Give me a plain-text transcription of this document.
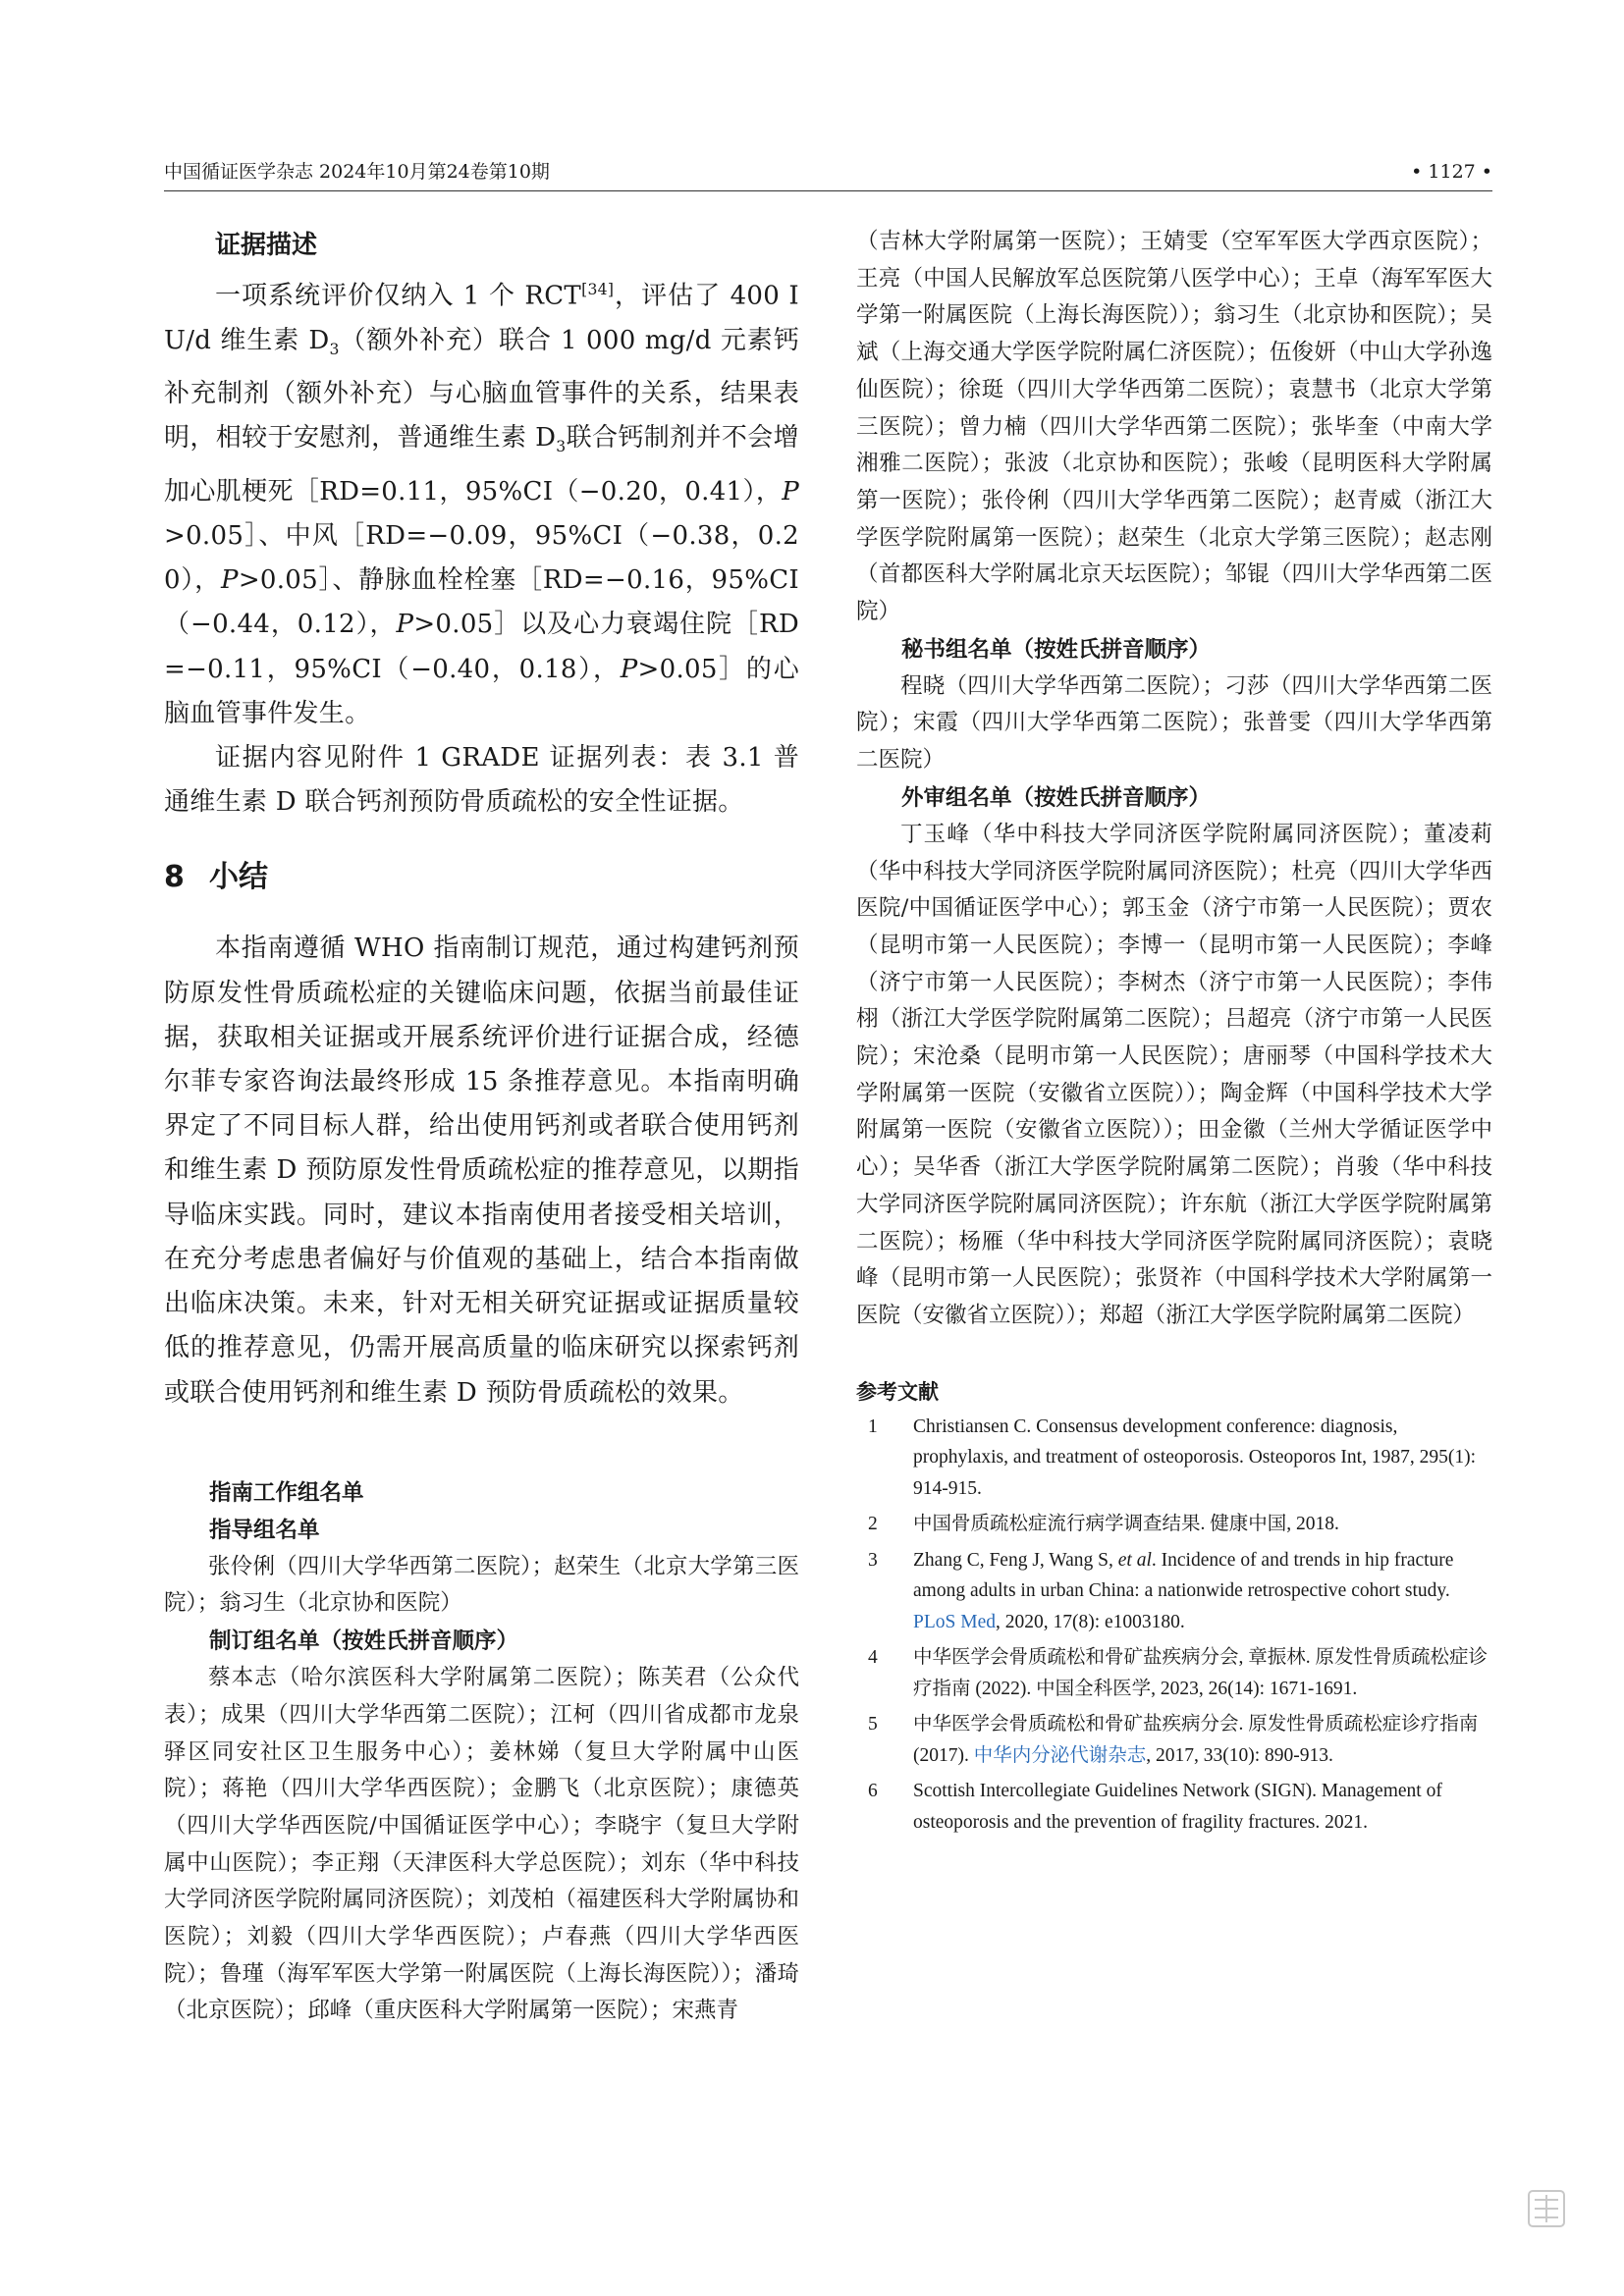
中国循证医学杂志 2024年10月第24卷第10期	• 1127 •
证据描述

一项系统评价仅纳入 1 个 RCT[34]，评估了 400 IU/d 维生素 $D_3$（额外补充）联合 1 000 mg/d 元素钙补充制剂（额外补充）与心脑血管事件的关系，结果表明，相较于安慰剂，普通维生素 $D_3$联合钙制剂并不会增加心肌梗死［RD=0.11，95%CI（−0.20，0.41），P>0.05］、中风［RD=−0.09，95%CI（−0.38，0.20），P>0.05］、静脉血栓栓塞［RD=−0.16，95%CI（−0.44，0.12），P>0.05］以及心力衰竭住院［RD=−0.11，95%CI（−0.40，0.18），P>0.05］的心脑血管事件发生。

证据内容见附件 1 GRADE 证据列表：表 3.1 普通维生素 D 联合钙剂预防骨质疏松的安全性证据。

8 小结

本指南遵循 WHO 指南制订规范，通过构建钙剂预防原发性骨质疏松症的关键临床问题，依据当前最佳证据，获取相关证据或开展系统评价进行证据合成，经德尔菲专家咨询法最终形成 15 条推荐意见。本指南明确界定了不同目标人群，给出使用钙剂或者联合使用钙剂和维生素 D 预防原发性骨质疏松症的推荐意见，以期指导临床实践。同时，建议本指南使用者接受相关培训，在充分考虑患者偏好与价值观的基础上，结合本指南做出临床决策。未来，针对无相关研究证据或证据质量较低的推荐意见，仍需开展高质量的临床研究以探索钙剂或联合使用钙剂和维生素 D 预防骨质疏松的效果。

指南工作组名单
指导组名单

张伶俐（四川大学华西第二医院）；赵荣生（北京大学第三医院）；翁习生（北京协和医院）

制订组名单（按姓氏拼音顺序）

蔡本志（哈尔滨医科大学附属第二医院）；陈芙君（公众代表）；成果（四川大学华西第二医院）；江柯（四川省成都市龙泉驿区同安社区卫生服务中心）；姜林娣（复旦大学附属中山医院）；蒋艳（四川大学华西医院）；金鹏飞（北京医院）；康德英（四川大学华西医院/中国循证医学中心）；李晓宇（复旦大学附属中山医院）；李正翔（天津医科大学总医院）；刘东（华中科技大学同济医学院附属同济医院）；刘茂柏（福建医科大学附属协和医院）；刘毅（四川大学华西医院）；卢春燕（四川大学华西医院）；鲁瑾（海军军医大学第一附属医院（上海长海医院））；潘琦（北京医院）；邱峰（重庆医科大学附属第一医院）；宋燕青

（吉林大学附属第一医院）；王婧雯（空军军医大学西京医院）；王亮（中国人民解放军总医院第八医学中心）；王卓（海军军医大学第一附属医院（上海长海医院））；翁习生（北京协和医院）；吴斌（上海交通大学医学院附属仁济医院）；伍俊妍（中山大学孙逸仙医院）；徐珽（四川大学华西第二医院）；袁慧书（北京大学第三医院）；曾力楠（四川大学华西第二医院）；张毕奎（中南大学湘雅二医院）；张波（北京协和医院）；张峻（昆明医科大学附属第一医院）；张伶俐（四川大学华西第二医院）；赵青威（浙江大学医学院附属第一医院）；赵荣生（北京大学第三医院）；赵志刚（首都医科大学附属北京天坛医院）；邹锟（四川大学华西第二医院）

秘书组名单（按姓氏拼音顺序）

程晓（四川大学华西第二医院）；刁莎（四川大学华西第二医院）；宋霞（四川大学华西第二医院）；张普雯（四川大学华西第二医院）

外审组名单（按姓氏拼音顺序）

丁玉峰（华中科技大学同济医学院附属同济医院）；董凌莉（华中科技大学同济医学院附属同济医院）；杜亮（四川大学华西医院/中国循证医学中心）；郭玉金（济宁市第一人民医院）；贾农（昆明市第一人民医院）；李博一（昆明市第一人民医院）；李峰（济宁市第一人民医院）；李树杰（济宁市第一人民医院）；李伟栩（浙江大学医学院附属第二医院）；吕超亮（济宁市第一人民医院）；宋沧桑（昆明市第一人民医院）；唐丽琴（中国科学技术大学附属第一医院（安徽省立医院））；陶金辉（中国科学技术大学附属第一医院（安徽省立医院））；田金徽（兰州大学循证医学中心）；吴华香（浙江大学医学院附属第二医院）；肖骏（华中科技大学同济医学院附属同济医院）；许东航（浙江大学医学院附属第二医院）；杨雁（华中科技大学同济医学院附属同济医院）；袁晓峰（昆明市第一人民医院）；张贤祚（中国科学技术大学附属第一医院（安徽省立医院））；郑超（浙江大学医学院附属第二医院）

参考文献
1	Christiansen C. Consensus development conference: diagnosis, prophylaxis, and treatment of osteoporosis. Osteoporos Int, 1987, 295(1): 914-915.
2	中国骨质疏松症流行病学调查结果. 健康中国, 2018.
3	Zhang C, Feng J, Wang S, et al. Incidence of and trends in hip fracture among adults in urban China: a nationwide retrospective cohort study. PLoS Med, 2020, 17(8): e1003180.
4	中华医学会骨质疏松和骨矿盐疾病分会, 章振林. 原发性骨质疏松症诊疗指南 (2022). 中国全科医学, 2023, 26(14): 1671-1691.
5	中华医学会骨质疏松和骨矿盐疾病分会. 原发性骨质疏松症诊疗指南 (2017). 中华内分泌代谢杂志, 2017, 33(10): 890-913.
6	Scottish Intercollegiate Guidelines Network (SIGN). Management of osteoporosis and the prevention of fragility fractures. 2021.
